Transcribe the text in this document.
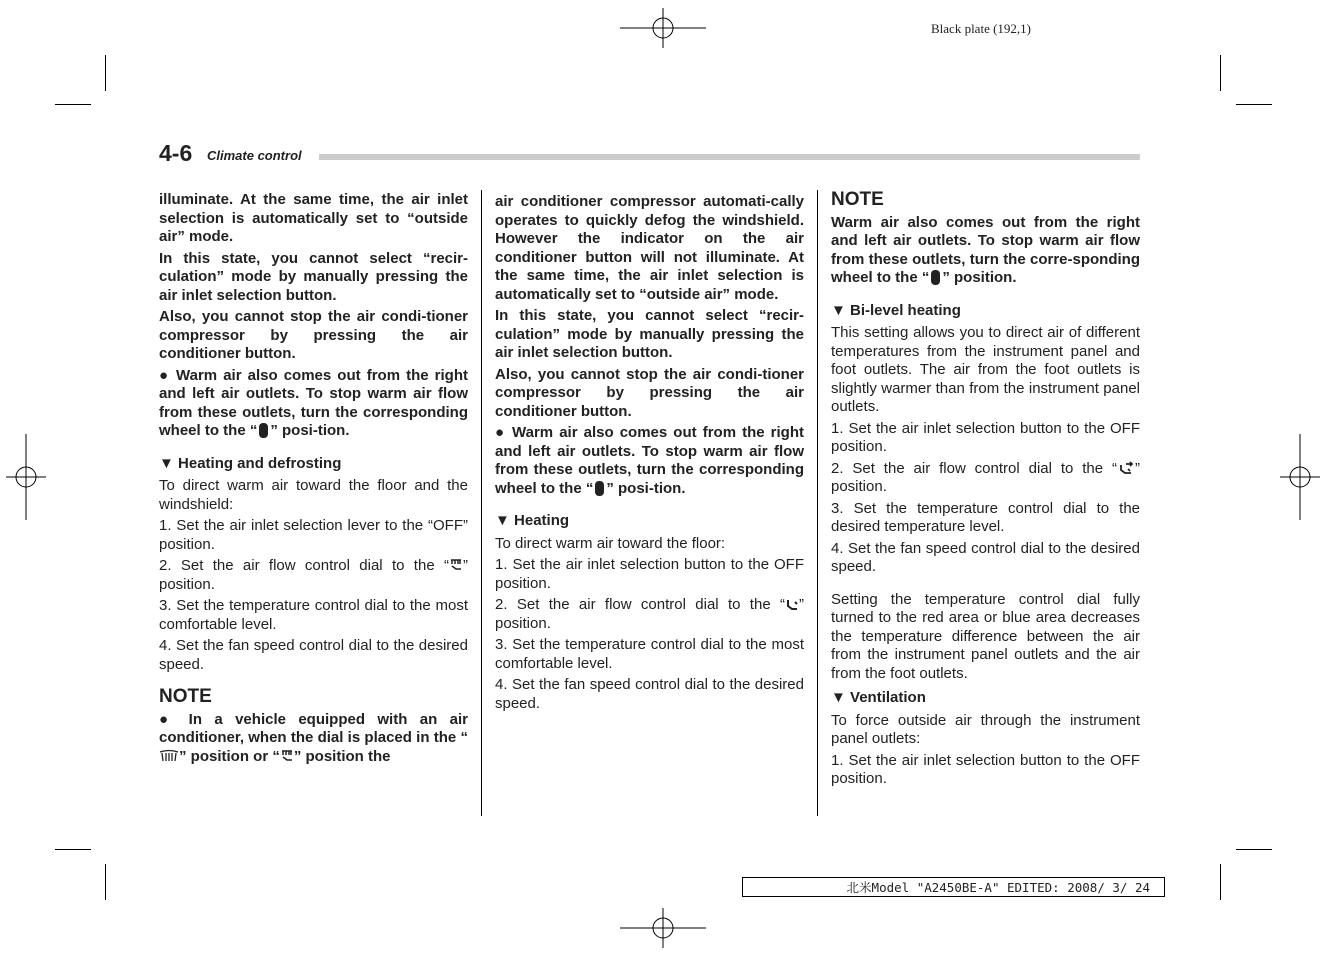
Black plate (192,1)
4-6 Climate control

illuminate. At the same time, the air inlet selection is automatically set to “outside air” mode.

In this state, you cannot select “recir-culation” mode by manually pressing the air inlet selection button.

Also, you cannot stop the air condi-tioner compressor by pressing the air conditioner button.

● Warm air also comes out from the right and left air outlets. To stop warm air flow from these outlets, turn the corresponding wheel to the “ ” posi-tion.

▼ Heating and defrosting

To direct warm air toward the floor and the windshield:

1. Set the air inlet selection lever to the “OFF” position.

2. Set the air flow control dial to the “ ” position.

3. Set the temperature control dial to the most comfortable level.

4. Set the fan speed control dial to the desired speed.

NOTE

● In a vehicle equipped with an air conditioner, when the dial is placed in the “” position or “ ” position the

air conditioner compressor automati-cally operates to quickly defog the windshield. However the indicator on the air conditioner button will not illuminate. At the same time, the air inlet selection is automatically set to “outside air” mode.

In this state, you cannot select “recir-culation” mode by manually pressing the air inlet selection button.

Also, you cannot stop the air condi-tioner compressor by pressing the air conditioner button.

● Warm air also comes out from the right and left air outlets. To stop warm air flow from these outlets, turn the corresponding wheel to the “ ” posi-tion.

▼ Heating

To direct warm air toward the floor:

1. Set the air inlet selection button to the OFF position.

2. Set the air flow control dial to the “ ” position.

3. Set the temperature control dial to the most comfortable level.

4. Set the fan speed control dial to the desired speed.

NOTE

Warm air also comes out from the right and left air outlets. To stop warm air flow from these outlets, turn the corre-sponding wheel to the “ ” position.

▼ Bi-level heating

This setting allows you to direct air of different temperatures from the instrument panel and foot outlets. The air from the foot outlets is slightly warmer than from the instrument panel outlets.

1. Set the air inlet selection button to the OFF position.

2. Set the air flow control dial to the “ ” position.

3. Set the temperature control dial to the desired temperature level.

4. Set the fan speed control dial to the desired speed.

Setting the temperature control dial fully turned to the red area or blue area decreases the temperature difference between the air from the instrument panel outlets and the air from the foot outlets.

▼ Ventilation

To force outside air through the instrument panel outlets:

1. Set the air inlet selection button to the OFF position.

北米Model "A2450BE-A" EDITED: 2008/ 3/ 24
